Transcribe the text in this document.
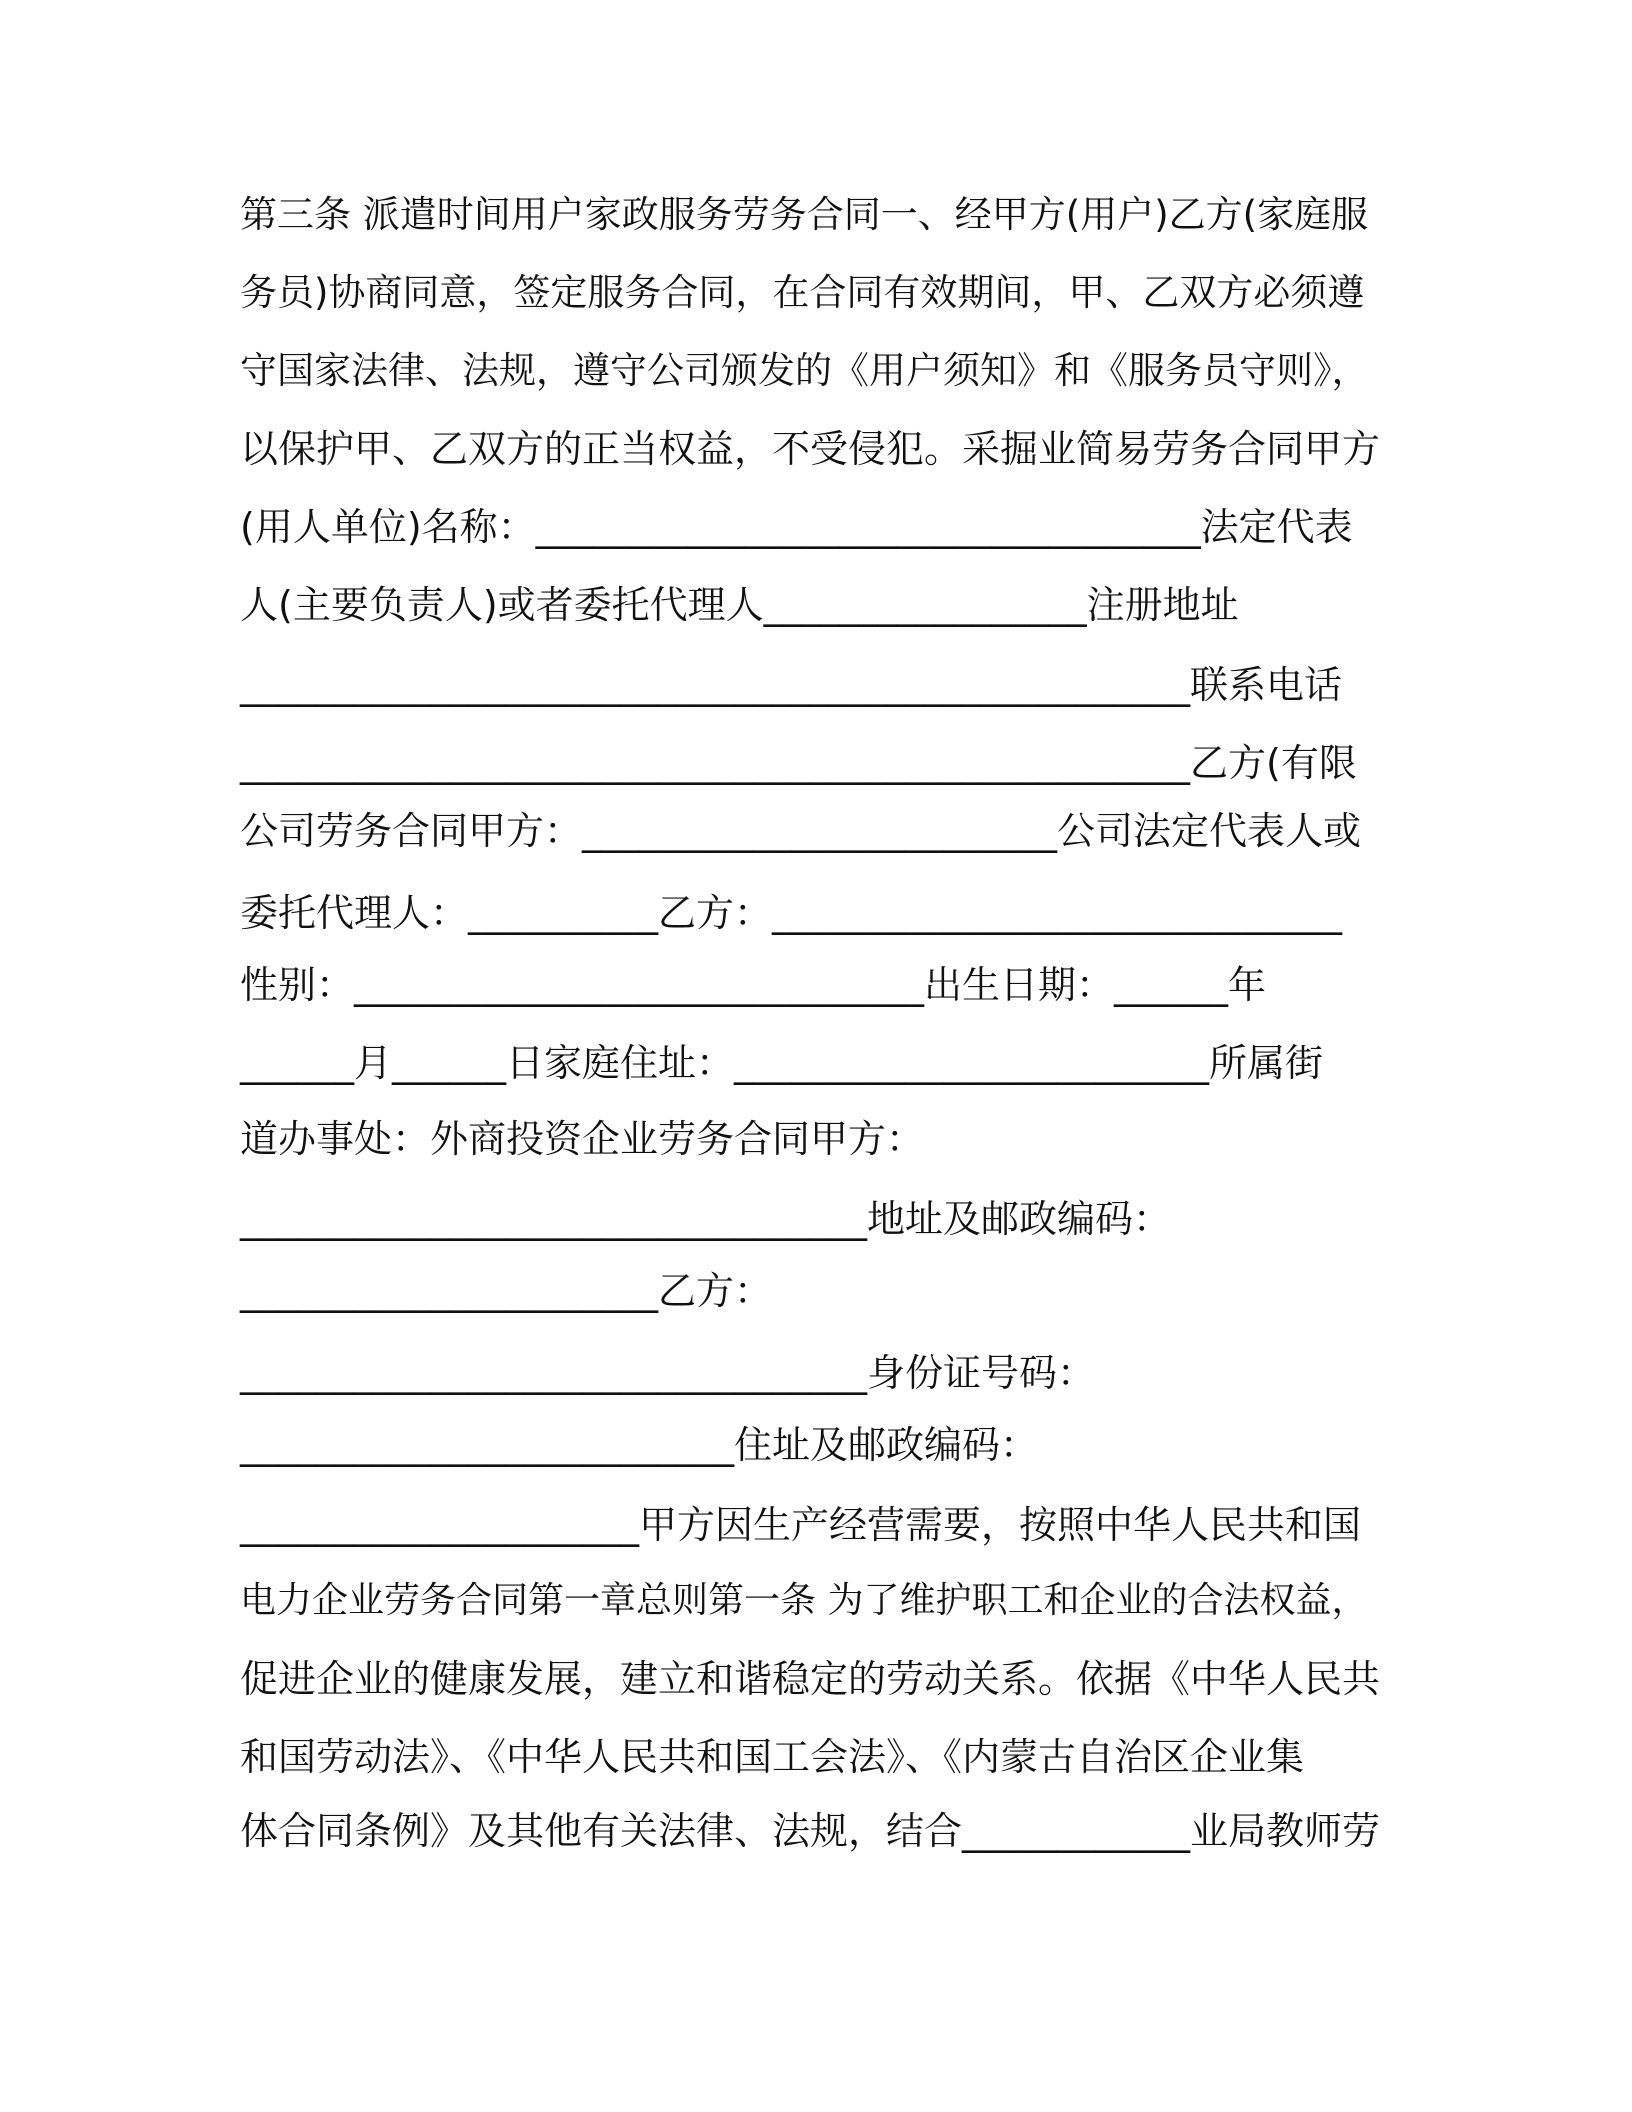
第三条 派遣时间用户家政服务劳务合同一、经甲方(用户)乙方(家庭服

务员)协商同意，签定服务合同，在合同有效期间，甲、乙双方必须遵

守国家法律、法规，遵守公司颁发的《用户须知》和《服务员守则》，

以保护甲、乙双方的正当权益，不受侵犯。采掘业简易劳务合同甲方

(用人单位)名称：___________________________________法定代表

人(主要负责人)或者委托代理人_________________注册地址

__________________________________________________联系电话

__________________________________________________乙方(有限

公司劳务合同甲方：_________________________公司法定代表人或

委托代理人：__________乙方：______________________________

性别：______________________________出生日期：______年

______月______日家庭住址：_________________________所属街

道办事处：外商投资企业劳务合同甲方：

_________________________________地址及邮政编码：

______________________乙方：

_________________________________身份证号码：

__________________________住址及邮政编码：

_____________________甲方因生产经营需要，按照中华人民共和国

电力企业劳务合同第一章总则第一条 为了维护职工和企业的合法权益，

促进企业的健康发展，建立和谐稳定的劳动关系。依据《中华人民共

和国劳动法》、《中华人民共和国工会法》、《内蒙古自治区企业集

体合同条例》及其他有关法律、法规，结合____________业局教师劳
